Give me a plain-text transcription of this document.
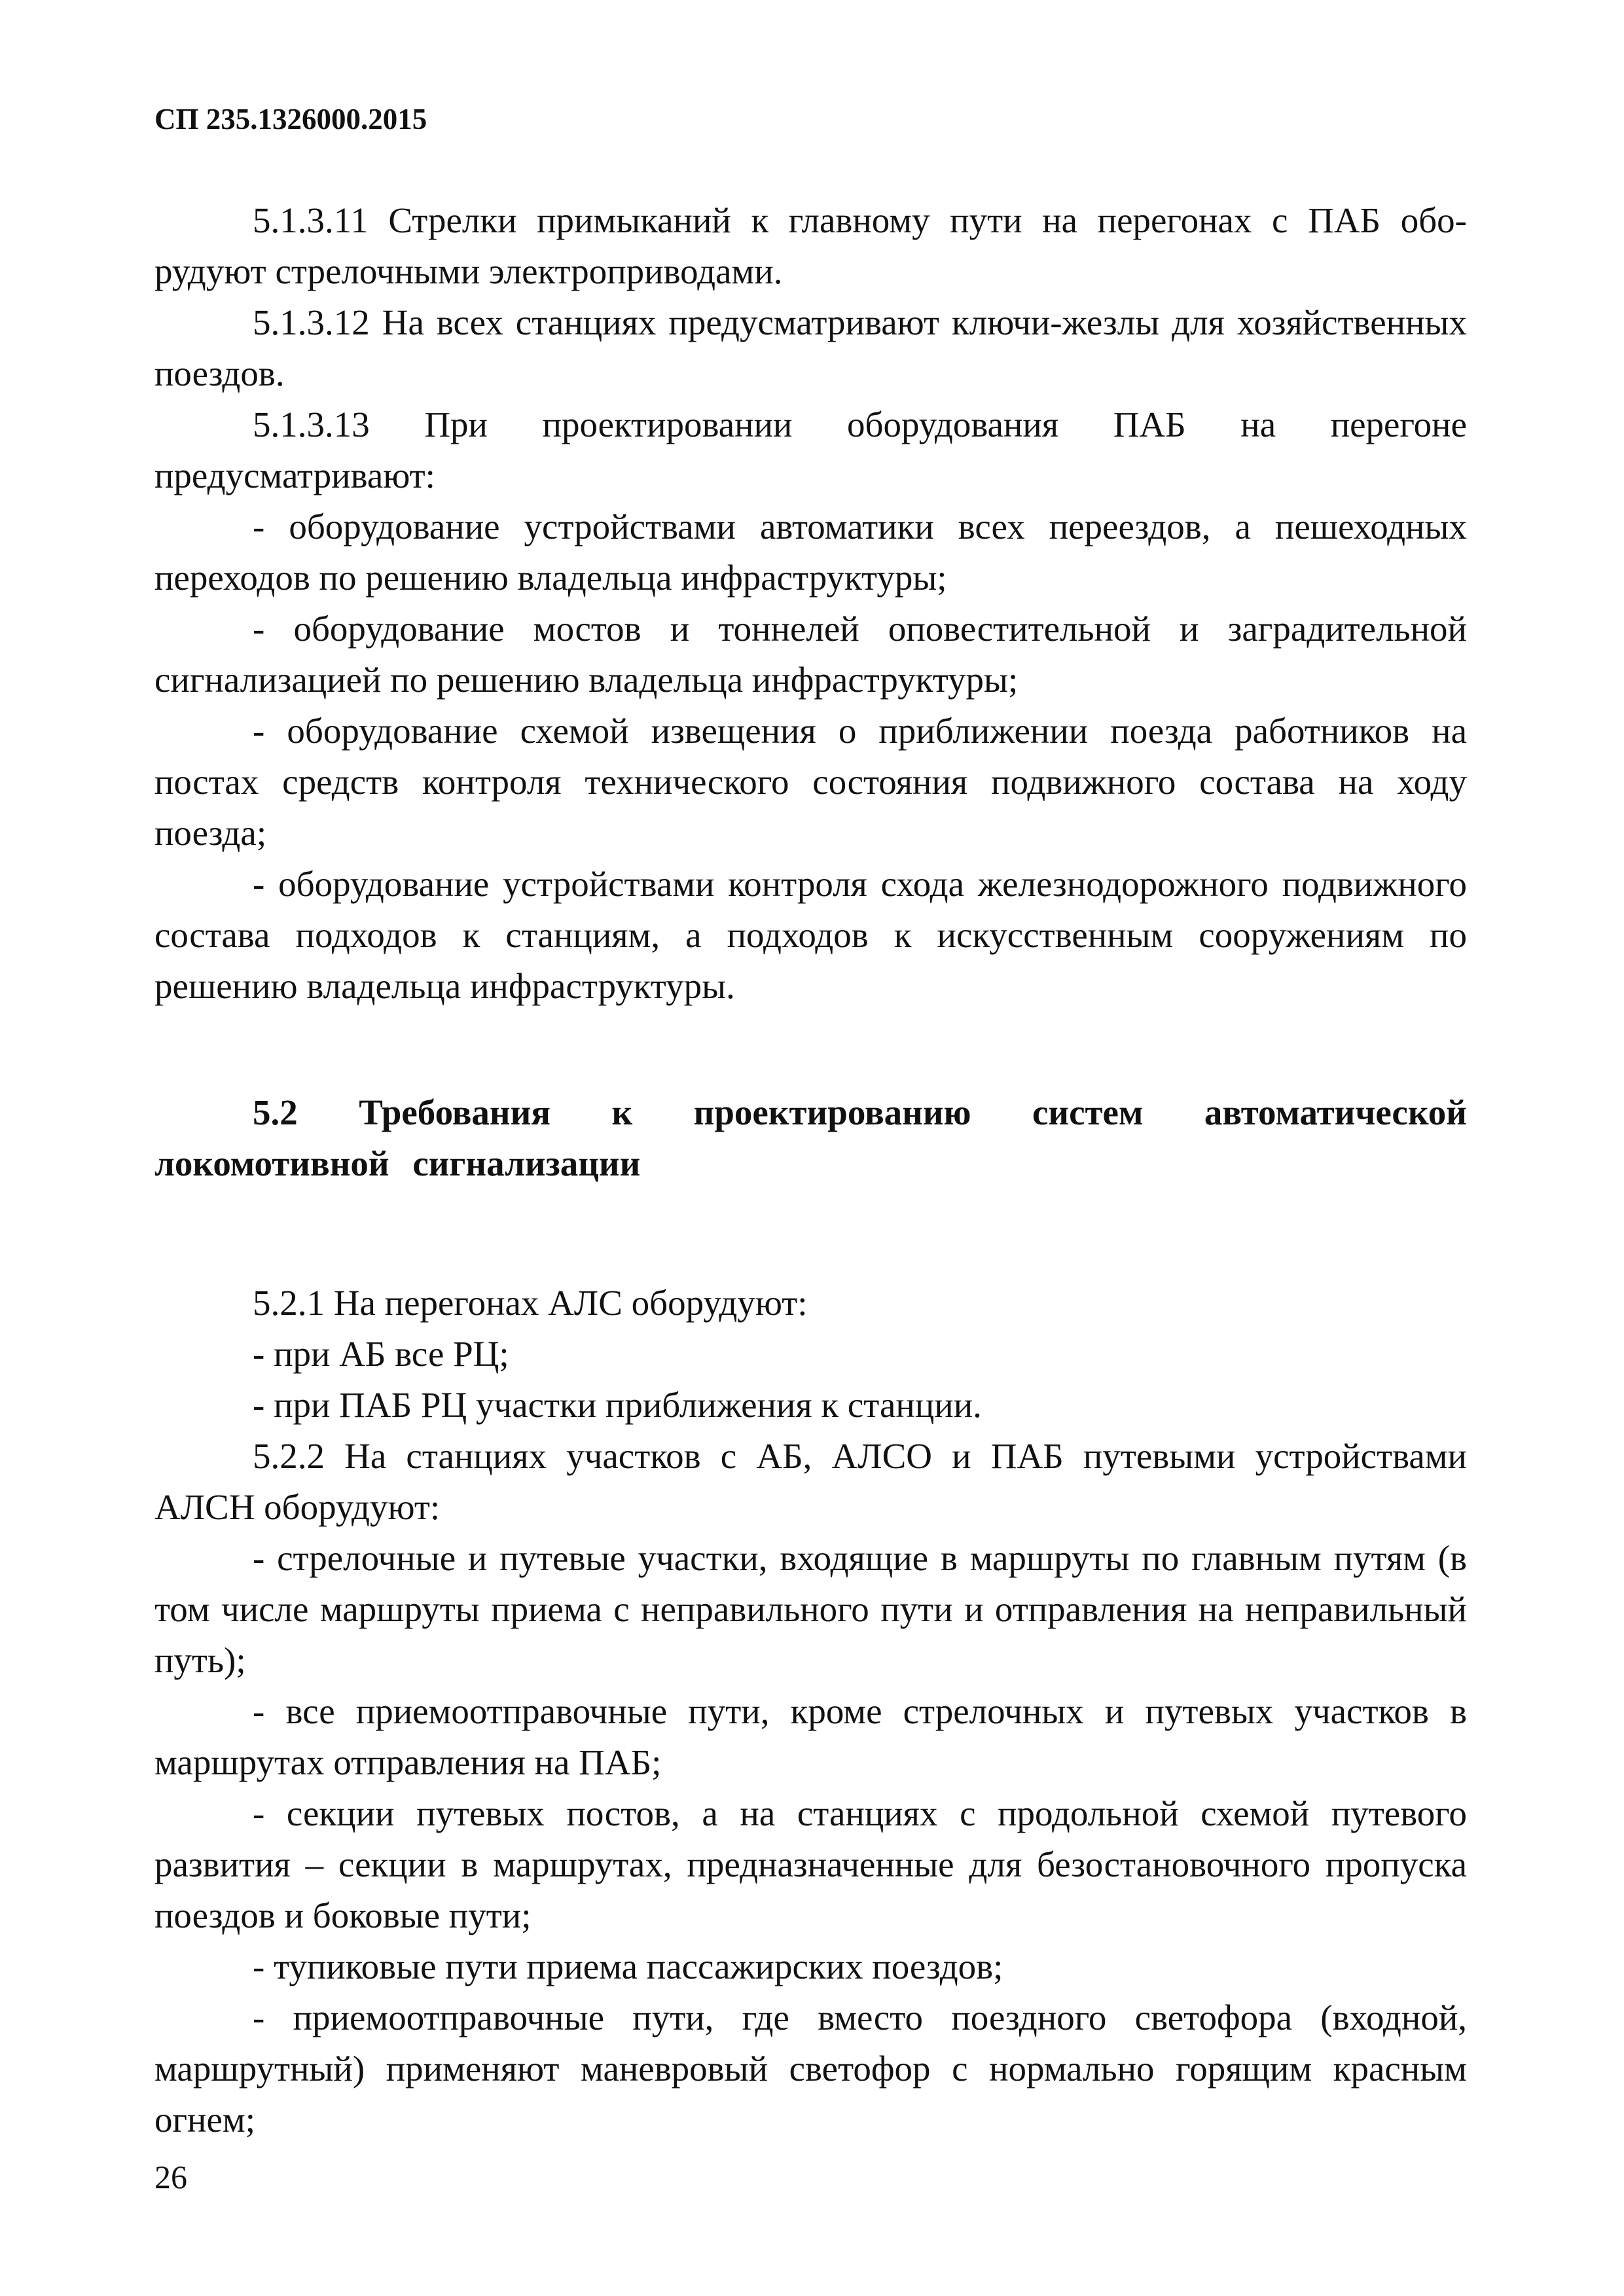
СП 235.1326000.2015

5.1.3.11 Стрелки примыканий к главному пути на перегонах с ПАБ обо-рудуют стрелочными электроприводами.

5.1.3.12 На всех станциях предусматривают ключи-жезлы для хозяйственных поездов.

5.1.3.13 При проектировании оборудования ПАБ на перегоне предусматривают:

- оборудование устройствами автоматики всех переездов, а пешеходных переходов по решению владельца инфраструктуры;

- оборудование мостов и тоннелей оповестительной и заградительной сигнализацией по решению владельца инфраструктуры;

- оборудование схемой извещения о приближении поезда работников на постах средств контроля технического состояния подвижного состава на ходу поезда;

- оборудование устройствами контроля схода железнодорожного подвижного состава подходов к станциям, а подходов к искусственным сооружениям по решению владельца инфраструктуры.

5.2 Требования к проектированию систем автоматической локомотивной сигнализации

5.2.1 На перегонах АЛС оборудуют:

- при АБ все РЦ;

- при ПАБ РЦ участки приближения к станции.

5.2.2 На станциях участков с АБ, АЛСО и ПАБ путевыми устройствами АЛСН оборудуют:

- стрелочные и путевые участки, входящие в маршруты по главным путям (в том числе маршруты приема с неправильного пути и отправления на неправильный путь);

- все приемоотправочные пути, кроме стрелочных и путевых участков в маршрутах отправления на ПАБ;

- секции путевых постов, а на станциях с продольной схемой путевого развития – секции в маршрутах, предназначенные для безостановочного пропуска поездов и боковые пути;

- тупиковые пути приема пассажирских поездов;

- приемоотправочные пути, где вместо поездного светофора (входной, маршрутный) применяют маневровый светофор с нормально горящим красным огнем;

26
